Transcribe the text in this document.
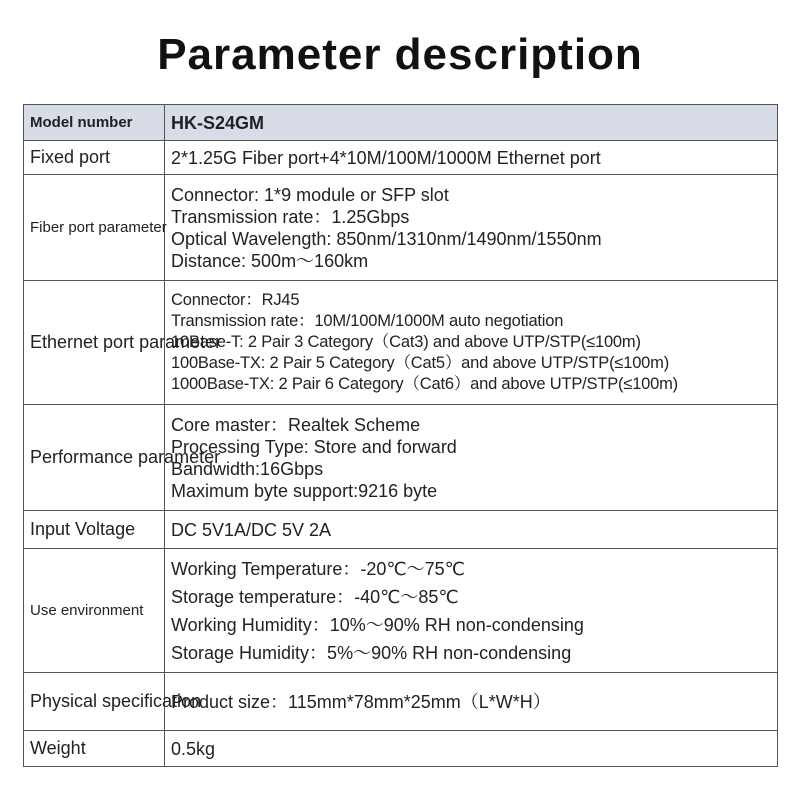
Parameter description
Model number	HK-S24GM
Fixed port	2*1.25G Fiber port+4*10M/100M/1000M Ethernet port

Fiber port parameter	Connector: 1*9 module or SFP slot
Transmission rate：1.25Gbps
Optical Wavelength: 850nm/1310nm/1490nm/1550nm
Distance: 500m～160km

Ethernet port parameter	Connector：RJ45
Transmission rate：10M/100M/1000M auto negotiation
10Base-T: 2 Pair 3 Category（Cat3) and above UTP/STP(≤100m)
100Base-TX: 2 Pair 5 Category（Cat5）and above UTP/STP(≤100m)
1000Base-TX: 2 Pair 6 Category（Cat6）and above UTP/STP(≤100m)

Performance parameter	Core master：Realtek Scheme
Processing Type: Store and forward
Bandwidth:16Gbps
Maximum byte support:9216 byte

Input Voltage	DC 5V1A/DC 5V 2A

Use environment	Working Temperature：-20℃～75℃
Storage temperature：-40℃～85℃
Working Humidity：10%～90% RH non-condensing
Storage Humidity：5%～90% RH non-condensing

Physical specification	Product size：115mm*78mm*25mm（L*W*H）

Weight	0.5kg
